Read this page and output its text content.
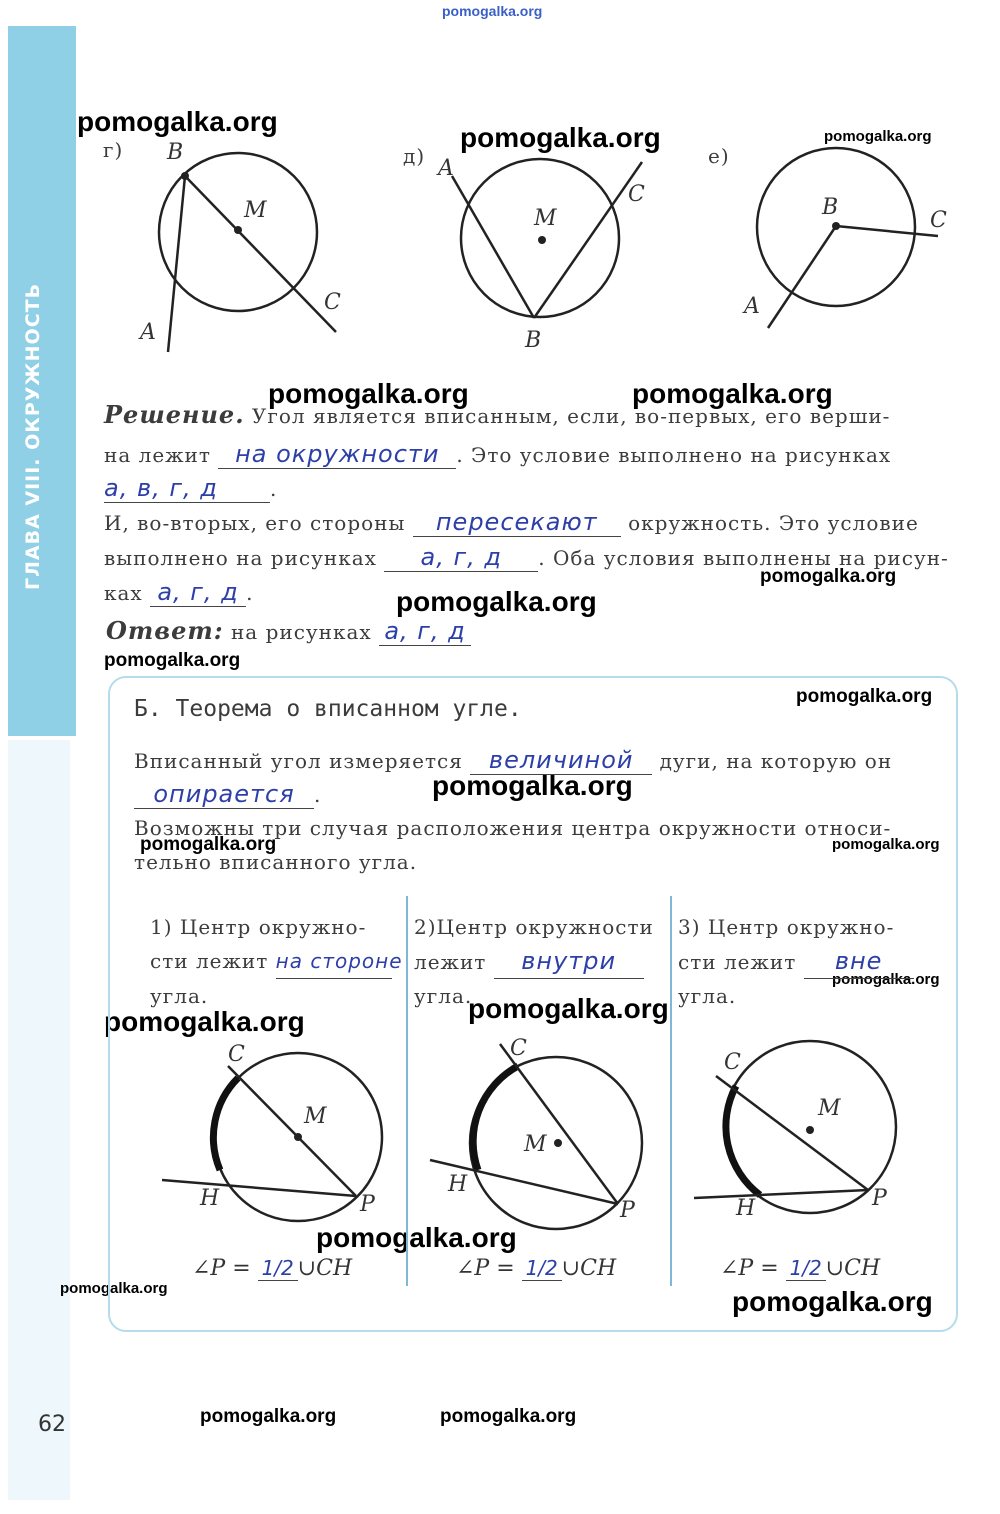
ГЛАВА VIII. ОКРУЖНОСТЬ
pomogalka.org
pomogalka.org
pomogalka.org	pomogalka.org
pomogalka.org	pomogalka.org
pomogalka.org
pomogalka.org
pomogalka.org
pomogalka.org
pomogalka.org
pomogalka.org	pomogalka.org
pomogalka.org
pomogalka.org
pomogalka.org
pomogalka.org
pomogalka.org	pomogalka.org
pomogalka.org	pomogalka.org
г) B
M
C
A
д) A
M
C
B
е)
B
C
A
Решение. Угол является вписанным, если, во-первых, его верши-
на лежит на окружности . Это условие выполнено на рисунках
а, в, г, д	.
И, во-вторых, его стороны пересекают окружность. Это условие
выполнено на рисунках а, г, д . Оба условия выполнены на рисун-
ках а, г, д .
Ответ: на рисунках а, г, д
Б. Теорема о вписанном угле.
Вписанный угол измеряется величиной дуги, на которую он
опирается .
Возможны три случая расположения центра окружности относи-
тельно вписанного угла.
1) Центр окружно-
сти лежит на стороне
угла.
2)Центр окружности
лежит внутри
угла.
3) Центр окружно-
сти лежит вне
угла.
C
M
H	P
C
M
H
P
C
M
H	P
∠P = 1/2 ∪CH	∠P = 1/2 ∪CH	∠P = 1/2 ∪CH
62
